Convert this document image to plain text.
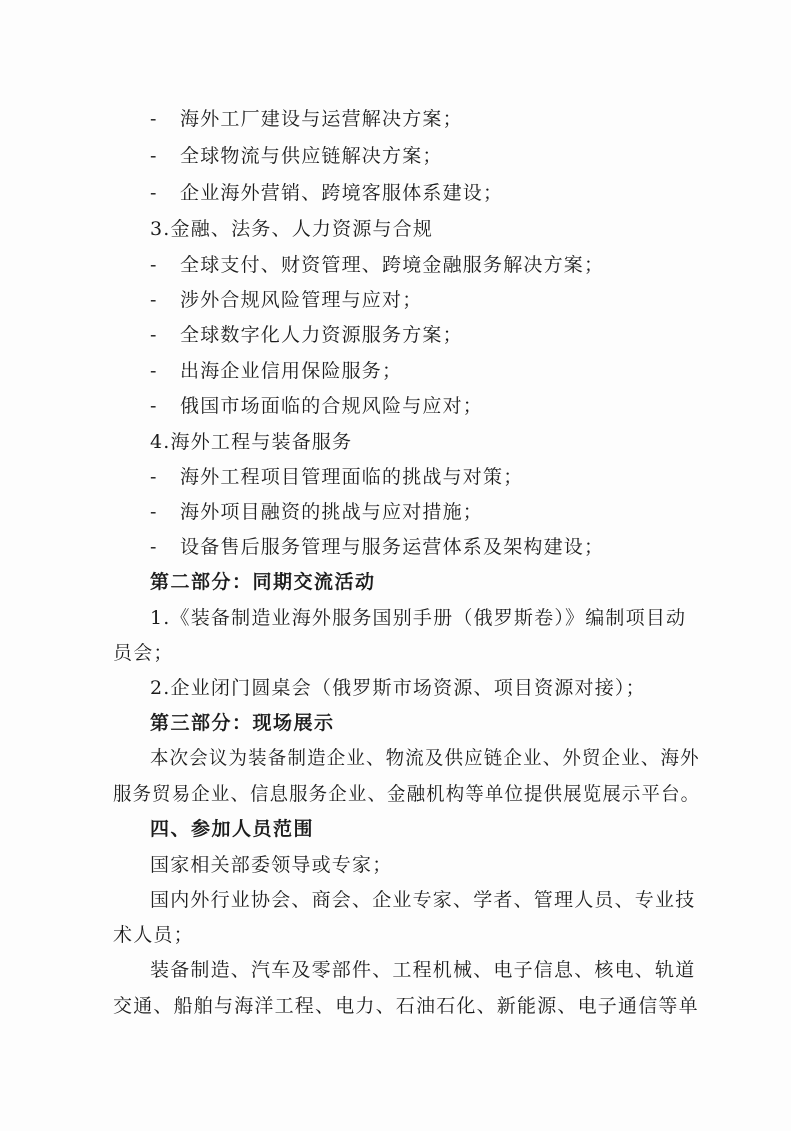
- 海外工厂建设与运营解决方案；
- 全球物流与供应链解决方案；
- 企业海外营销、跨境客服体系建设；
3.金融、法务、人力资源与合规
- 全球支付、财资管理、跨境金融服务解决方案；
- 涉外合规风险管理与应对；
- 全球数字化人力资源服务方案；
- 出海企业信用保险服务；
- 俄国市场面临的合规风险与应对；
4.海外工程与装备服务
- 海外工程项目管理面临的挑战与对策；
- 海外项目融资的挑战与应对措施；
- 设备售后服务管理与服务运营体系及架构建设；
第二部分：同期交流活动
1.《装备制造业海外服务国别手册（俄罗斯卷）》编制项目动
员会；
2.企业闭门圆桌会（俄罗斯市场资源、项目资源对接）；
第三部分：现场展示
本次会议为装备制造企业、物流及供应链企业、外贸企业、海外
服务贸易企业、信息服务企业、金融机构等单位提供展览展示平台。
四、参加人员范围
国家相关部委领导或专家；
国内外行业协会、商会、企业专家、学者、管理人员、专业技
术人员；
装备制造、汽车及零部件、工程机械、电子信息、核电、轨道
交通、船舶与海洋工程、电力、石油石化、新能源、电子通信等单
